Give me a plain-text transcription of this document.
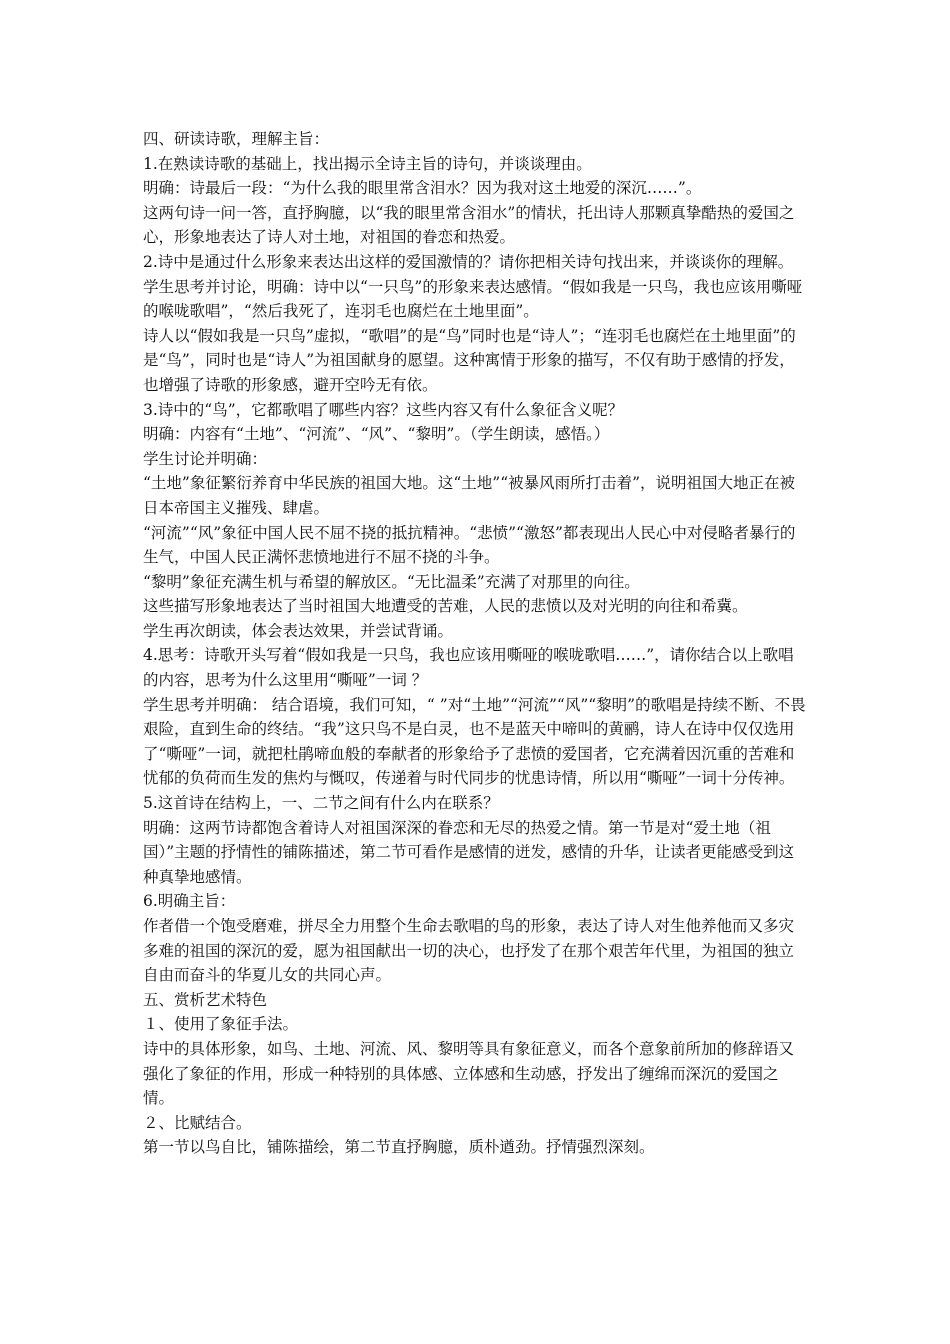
四、研读诗歌，理解主旨：

1.在熟读诗歌的基础上，找出揭示全诗主旨的诗句，并谈谈理由。

明确：诗最后一段：“为什么我的眼里常含泪水？因为我对这土地爱的深沉……”。

这两句诗一问一答，直抒胸臆，以“我的眼里常含泪水”的情状，托出诗人那颗真挚酷热的爱国之心，形象地表达了诗人对土地，对祖国的眷恋和热爱。

2.诗中是通过什么形象来表达出这样的爱国激情的？请你把相关诗句找出来，并谈谈你的理解。

学生思考并讨论，明确：诗中以“一只鸟”的形象来表达感情。“假如我是一只鸟，我也应该用嘶哑的喉咙歌唱”，“然后我死了，连羽毛也腐烂在土地里面”。

诗人以“假如我是一只鸟”虚拟，“歌唱”的是“鸟”同时也是“诗人”；“连羽毛也腐烂在土地里面”的是“鸟”，同时也是“诗人”为祖国献身的愿望。这种寓情于形象的描写，不仅有助于感情的抒发，也增强了诗歌的形象感，避开空吟无有依。

3.诗中的“鸟”，它都歌唱了哪些内容？这些内容又有什么象征含义呢？

明确：内容有“土地”、“河流”、“风”、“黎明”。（学生朗读，感悟。）

学生讨论并明确：

“土地”象征繁衍养育中华民族的祖国大地。这“土地”“被暴风雨所打击着”，说明祖国大地正在被日本帝国主义摧残、肆虐。

“河流”“风”象征中国人民不屈不挠的抵抗精神。“悲愤”“激怒”都表现出人民心中对侵略者暴行的生气，中国人民正满怀悲愤地进行不屈不挠的斗争。

“黎明”象征充满生机与希望的解放区。“无比温柔”充满了对那里的向往。

这些描写形象地表达了当时祖国大地遭受的苦难，人民的悲愤以及对光明的向往和希冀。

学生再次朗读，体会表达效果，并尝试背诵。

4.思考：诗歌开头写着“假如我是一只鸟，我也应该用嘶哑的喉咙歌唱……”，请你结合以上歌唱的内容，思考为什么这里用“嘶哑”一词 ？

学生思考并明确： 结合语境，我们可知，“ ”对“土地”“河流”“风”“黎明”的歌唱是持续不断、不畏艰险，直到生命的终结。“我”这只鸟不是白灵，也不是蓝天中啼叫的黄鹂，诗人在诗中仅仅选用了“嘶哑”一词，就把杜鹃啼血般的奉献者的形象给予了悲愤的爱国者，它充满着因沉重的苦难和忧郁的负荷而生发的焦灼与慨叹，传递着与时代同步的忧患诗情，所以用“嘶哑”一词十分传神。

5.这首诗在结构上，一、二节之间有什么内在联系？

明确：这两节诗都饱含着诗人对祖国深深的眷恋和无尽的热爱之情。第一节是对“爱土地（祖国）”主题的抒情性的铺陈描述，第二节可看作是感情的迸发，感情的升华，让读者更能感受到这种真挚地感情。

6.明确主旨：

作者借一个饱受磨难，拼尽全力用整个生命去歌唱的鸟的形象，表达了诗人对生他养他而又多灾多难的祖国的深沉的爱，愿为祖国献出一切的决心，也抒发了在那个艰苦年代里，为祖国的独立自由而奋斗的华夏儿女的共同心声。

五、赏析艺术特色

１、使用了象征手法。

诗中的具体形象，如鸟、土地、河流、风、黎明等具有象征意义，而各个意象前所加的修辞语又强化了象征的作用，形成一种特别的具体感、立体感和生动感，抒发出了缠绵而深沉的爱国之情。

２、比赋结合。

第一节以鸟自比，铺陈描绘，第二节直抒胸臆，质朴遒劲。抒情强烈深刻。
